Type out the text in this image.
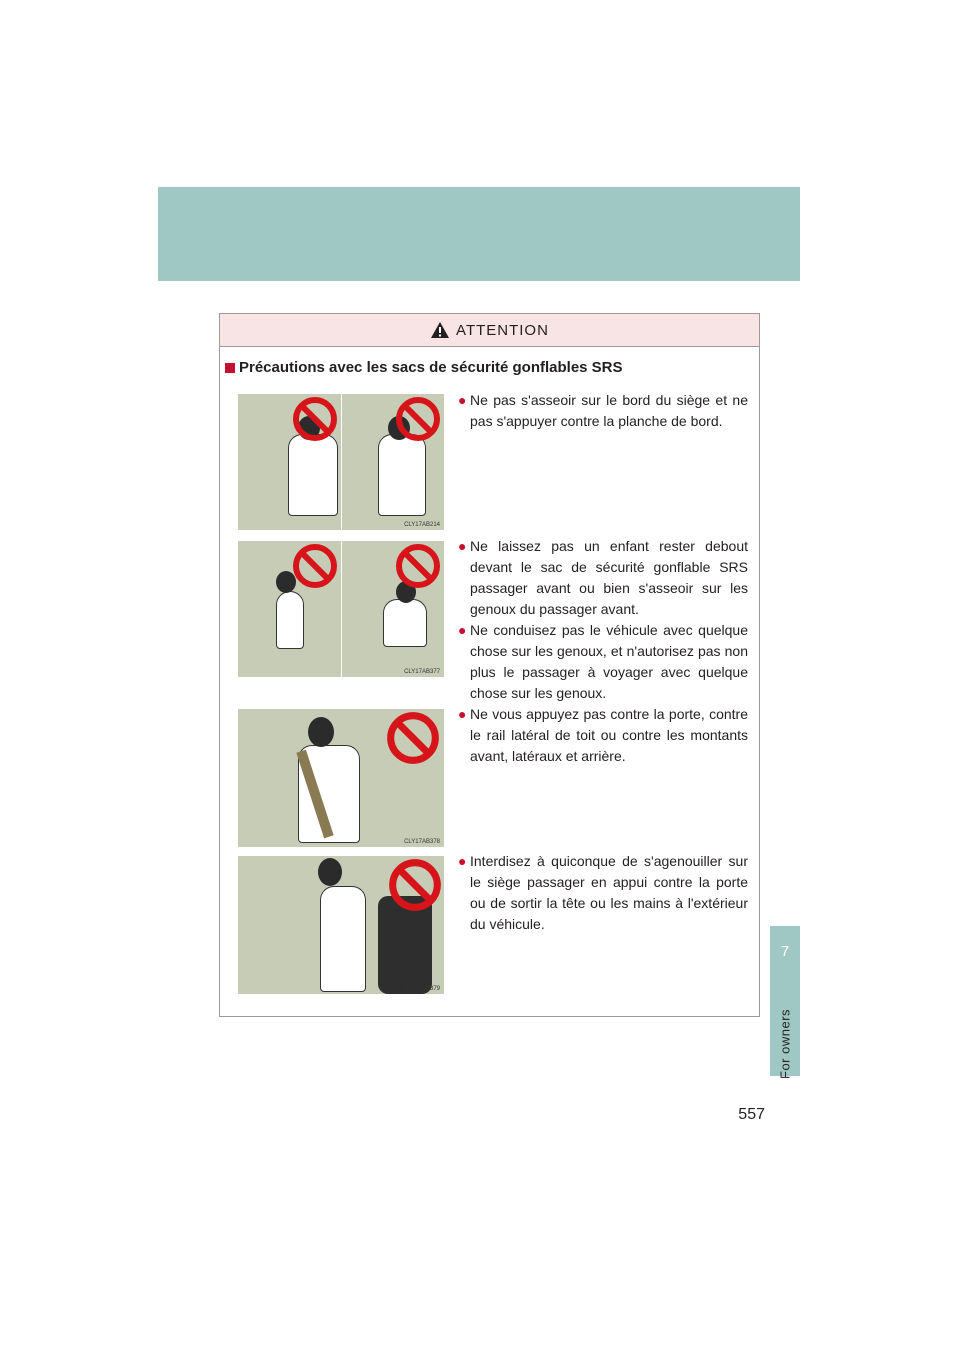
7
For owners
ATTENTION
Précautions avec les sacs de sécurité gonflables SRS
CLY17AB214
CLY17AB377
CLY17AB378
CLY17AB379
● Ne pas s'asseoir sur le bord du siège et ne pas s'appuyer contre la planche de bord.
● Ne laissez pas un enfant rester debout devant le sac de sécurité gonflable SRS passager avant ou bien s'asseoir sur les genoux du passager avant.
● Ne conduisez pas le véhicule avec quelque chose sur les genoux, et n'autorisez pas non plus le passager à voyager avec quelque chose sur les genoux.
● Ne vous appuyez pas contre la porte, contre le rail latéral de toit ou contre les montants avant, latéraux et arrière.
● Interdisez à quiconque de s'agenouiller sur le siège passager en appui contre la porte ou de sortir la tête ou les mains à l'extérieur du véhicule.
557
